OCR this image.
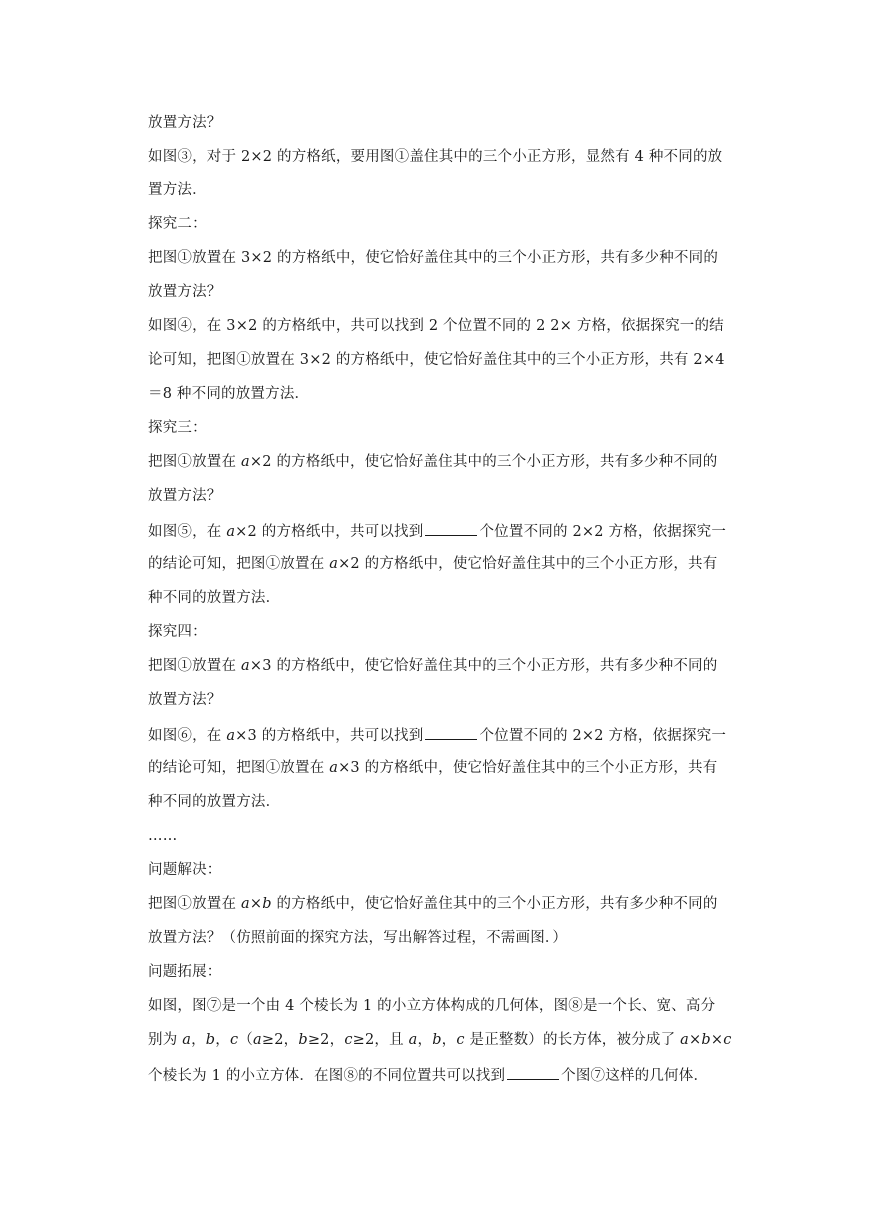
放置方法？
如图③，对于 2×2 的方格纸，要用图①盖住其中的三个小正方形，显然有 4 种不同的放
置方法．
探究二：
把图①放置在 3×2 的方格纸中，使它恰好盖住其中的三个小正方形，共有多少种不同的
放置方法？
如图④，在 3×2 的方格纸中，共可以找到 2 个位置不同的 2 2× 方格，依据探究一的结
论可知，把图①放置在 3×2 的方格纸中，使它恰好盖住其中的三个小正方形，共有 2×4
＝8 种不同的放置方法．
探究三：
把图①放置在 a×2 的方格纸中，使它恰好盖住其中的三个小正方形，共有多少种不同的
放置方法？
如图⑤，在 a×2 的方格纸中，共可以找到	个位置不同的 2×2 方格，依据探究一
的结论可知，把图①放置在 a×2 的方格纸中，使它恰好盖住其中的三个小正方形，共有
种不同的放置方法．
探究四：
把图①放置在 a×3 的方格纸中，使它恰好盖住其中的三个小正方形，共有多少种不同的
放置方法？
如图⑥，在 a×3 的方格纸中，共可以找到	个位置不同的 2×2 方格，依据探究一
的结论可知，把图①放置在 a×3 的方格纸中，使它恰好盖住其中的三个小正方形，共有
种不同的放置方法．
……
问题解决：
把图①放置在 a×b 的方格纸中，使它恰好盖住其中的三个小正方形，共有多少种不同的
放置方法？（仿照前面的探究方法，写出解答过程，不需画图．）
问题拓展：
如图，图⑦是一个由 4 个棱长为 1 的小立方体构成的几何体，图⑧是一个长、宽、高分
别为 a，b，c（a≥2，b≥2，c≥2，且 a，b，c 是正整数）的长方体，被分成了 a×b×c
个棱长为 1 的小立方体．在图⑧的不同位置共可以找到	个图⑦这样的几何体．
